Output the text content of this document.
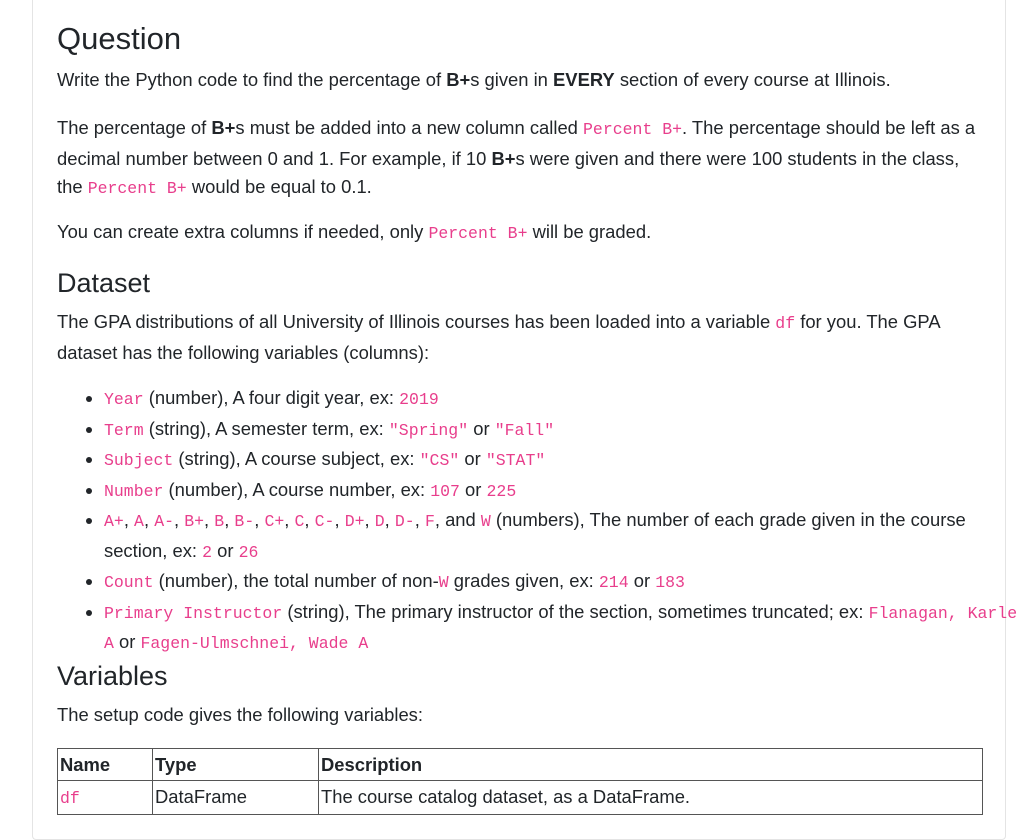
Question

Write the Python code to find the percentage of B+s given in EVERY section of every course at Illinois.

The percentage of B+s must be added into a new column called Percent B+. The percentage should be left as a decimal number between 0 and 1. For example, if 10 B+s were given and there were 100 students in the class, the Percent B+ would be equal to 0.1.

You can create extra columns if needed, only Percent B+ will be graded.

Dataset

The GPA distributions of all University of Illinois courses has been loaded into a variable df for you. The GPA dataset has the following variables (columns):

• Year (number), A four digit year, ex: 2019
• Term (string), A semester term, ex: "Spring" or "Fall"
• Subject (string), A course subject, ex: "CS" or "STAT"
• Number (number), A course number, ex: 107 or 225
• A+, A, A-, B+, B, B-, C+, C, C-, D+, D, D-, F, and W (numbers), The number of each grade given in the course section, ex: 2 or 26
• Count (number), the total number of non-W grades given, ex: 214 or 183
• Primary Instructor (string), The primary instructor of the section, sometimes truncated; ex: Flanagan, Karle A or Fagen-Ulmschnei, Wade A
Variables

The setup code gives the following variables:

Name	Type	Description
df	DataFrame	The course catalog dataset, as a DataFrame.
